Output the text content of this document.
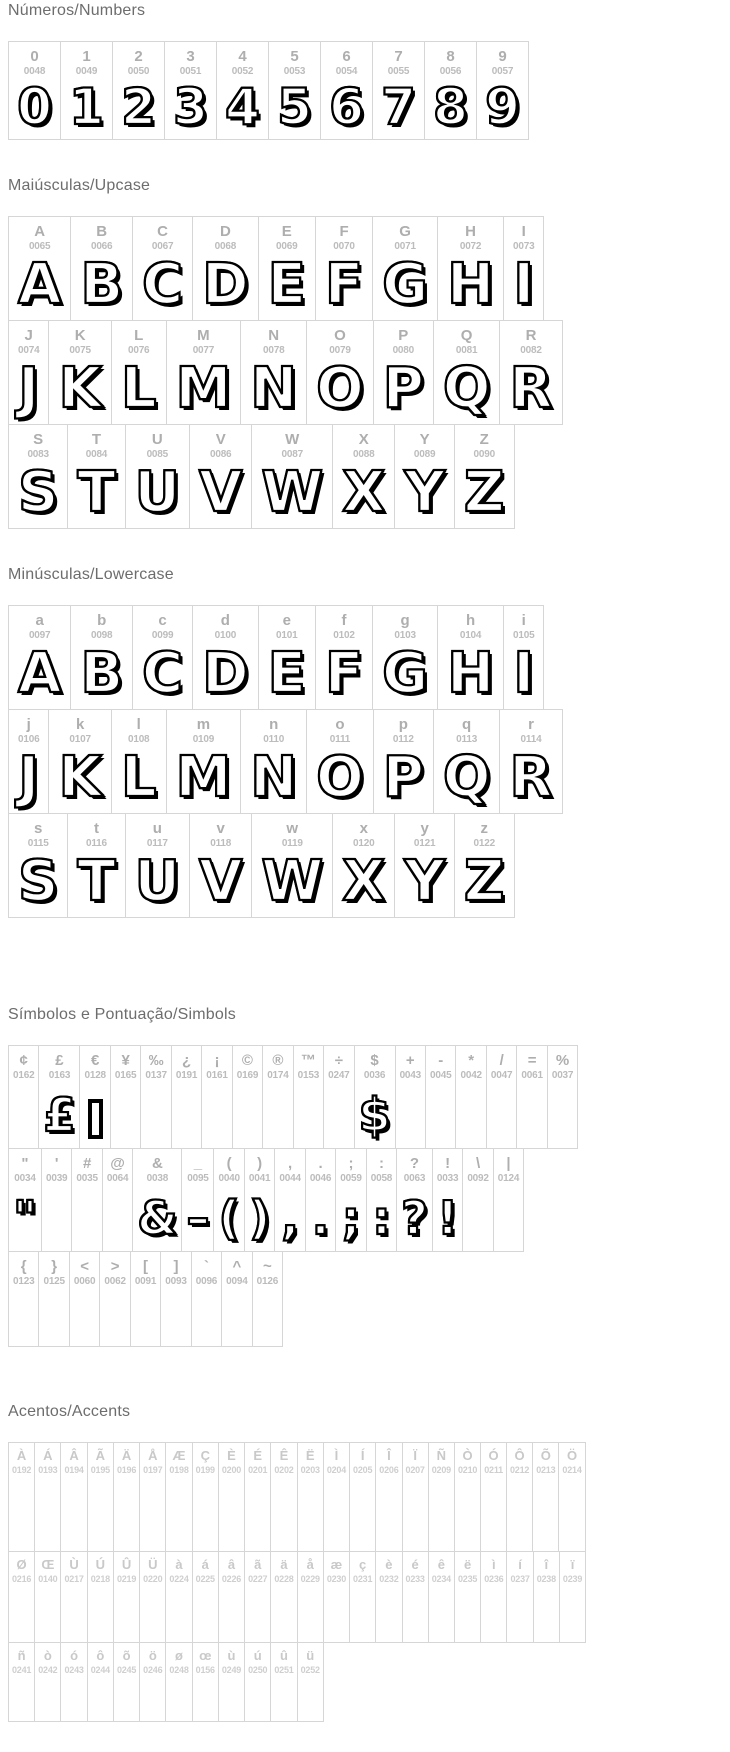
Números/Numbers
0
0048
0

1
0049
1

2
0050
2

3
0051
3

4
0052
4

5
0053
5

6
0054
6

7
0055
7

8
0056
8

9
0057
9
Maiúsculas/Upcase
A
0065
A

B
0066
B

C
0067
C

D
0068
D

E
0069
E

F
0070
F

G
0071
G

H
0072
H

I
0073
I
J
0074
J

K
0075
K

L
0076
L

M
0077
M

N
0078
N

O
0079
O

P
0080
P

Q
0081
Q

R
0082
R
S
0083
S

T
0084
T

U
0085
U

V
0086
V

W
0087
W

X
0088
X

Y
0089
Y

Z
0090
Z
Minúsculas/Lowercase
a
0097
A

b
0098
B

c
0099
C

d
0100
D

e
0101
E

f
0102
F

g
0103
G

h
0104
H

i
0105
I
j
0106
J

k
0107
K

l
0108
L

m
0109
M

n
0110
N

o
0111
O

p
0112
P

q
0113
Q

r
0114
R
s
0115
S

t
0116
T

u
0117
U

v
0118
V

w
0119
W

x
0120
X

y
0121
Y

z
0122
Z
Símbolos e Pontuação/Simbols
¢
0162

£
0163
£

€
0128

¥
0165

‰
0137

¿
0191

¡
0161

©
0169

®
0174

™
0153

÷
0247

$
0036
$

+
0043

-
0045

*
0042

/
0047

=
0061

%
0037
"
0034
"

'
0039

#
0035

@
0064

&
0038
&

_
0095
–

(
0040
(

)
0041
)

,
0044
,

.
0046
.

;
0059
;

:
0058
:

?
0063
?

!
0033
!

\
0092

|
0124
{
0123

}
0125

<
0060

>
0062

[
0091

]
0093

`
0096

^
0094

~
0126
Acentos/Accents
À
0192

Á
0193

Â
0194

Ã
0195

Ä
0196

Å
0197

Æ
0198

Ç
0199

È
0200

É
0201

Ê
0202

Ë
0203

Ì
0204

Í
0205

Î
0206

Ï
0207

Ñ
0209

Ò
0210

Ó
0211

Ô
0212

Õ
0213

Ö
0214
Ø
0216

Œ
0140

Ù
0217

Ú
0218

Û
0219

Ü
0220

à
0224

á
0225

â
0226

ã
0227

ä
0228

å
0229

æ
0230

ç
0231

è
0232

é
0233

ê
0234

ë
0235

ì
0236

í
0237

î
0238

ï
0239
ñ
0241

ò
0242

ó
0243

ô
0244

õ
0245

ö
0246

ø
0248

œ
0156

ù
0249

ú
0250

û
0251

ü
0252
